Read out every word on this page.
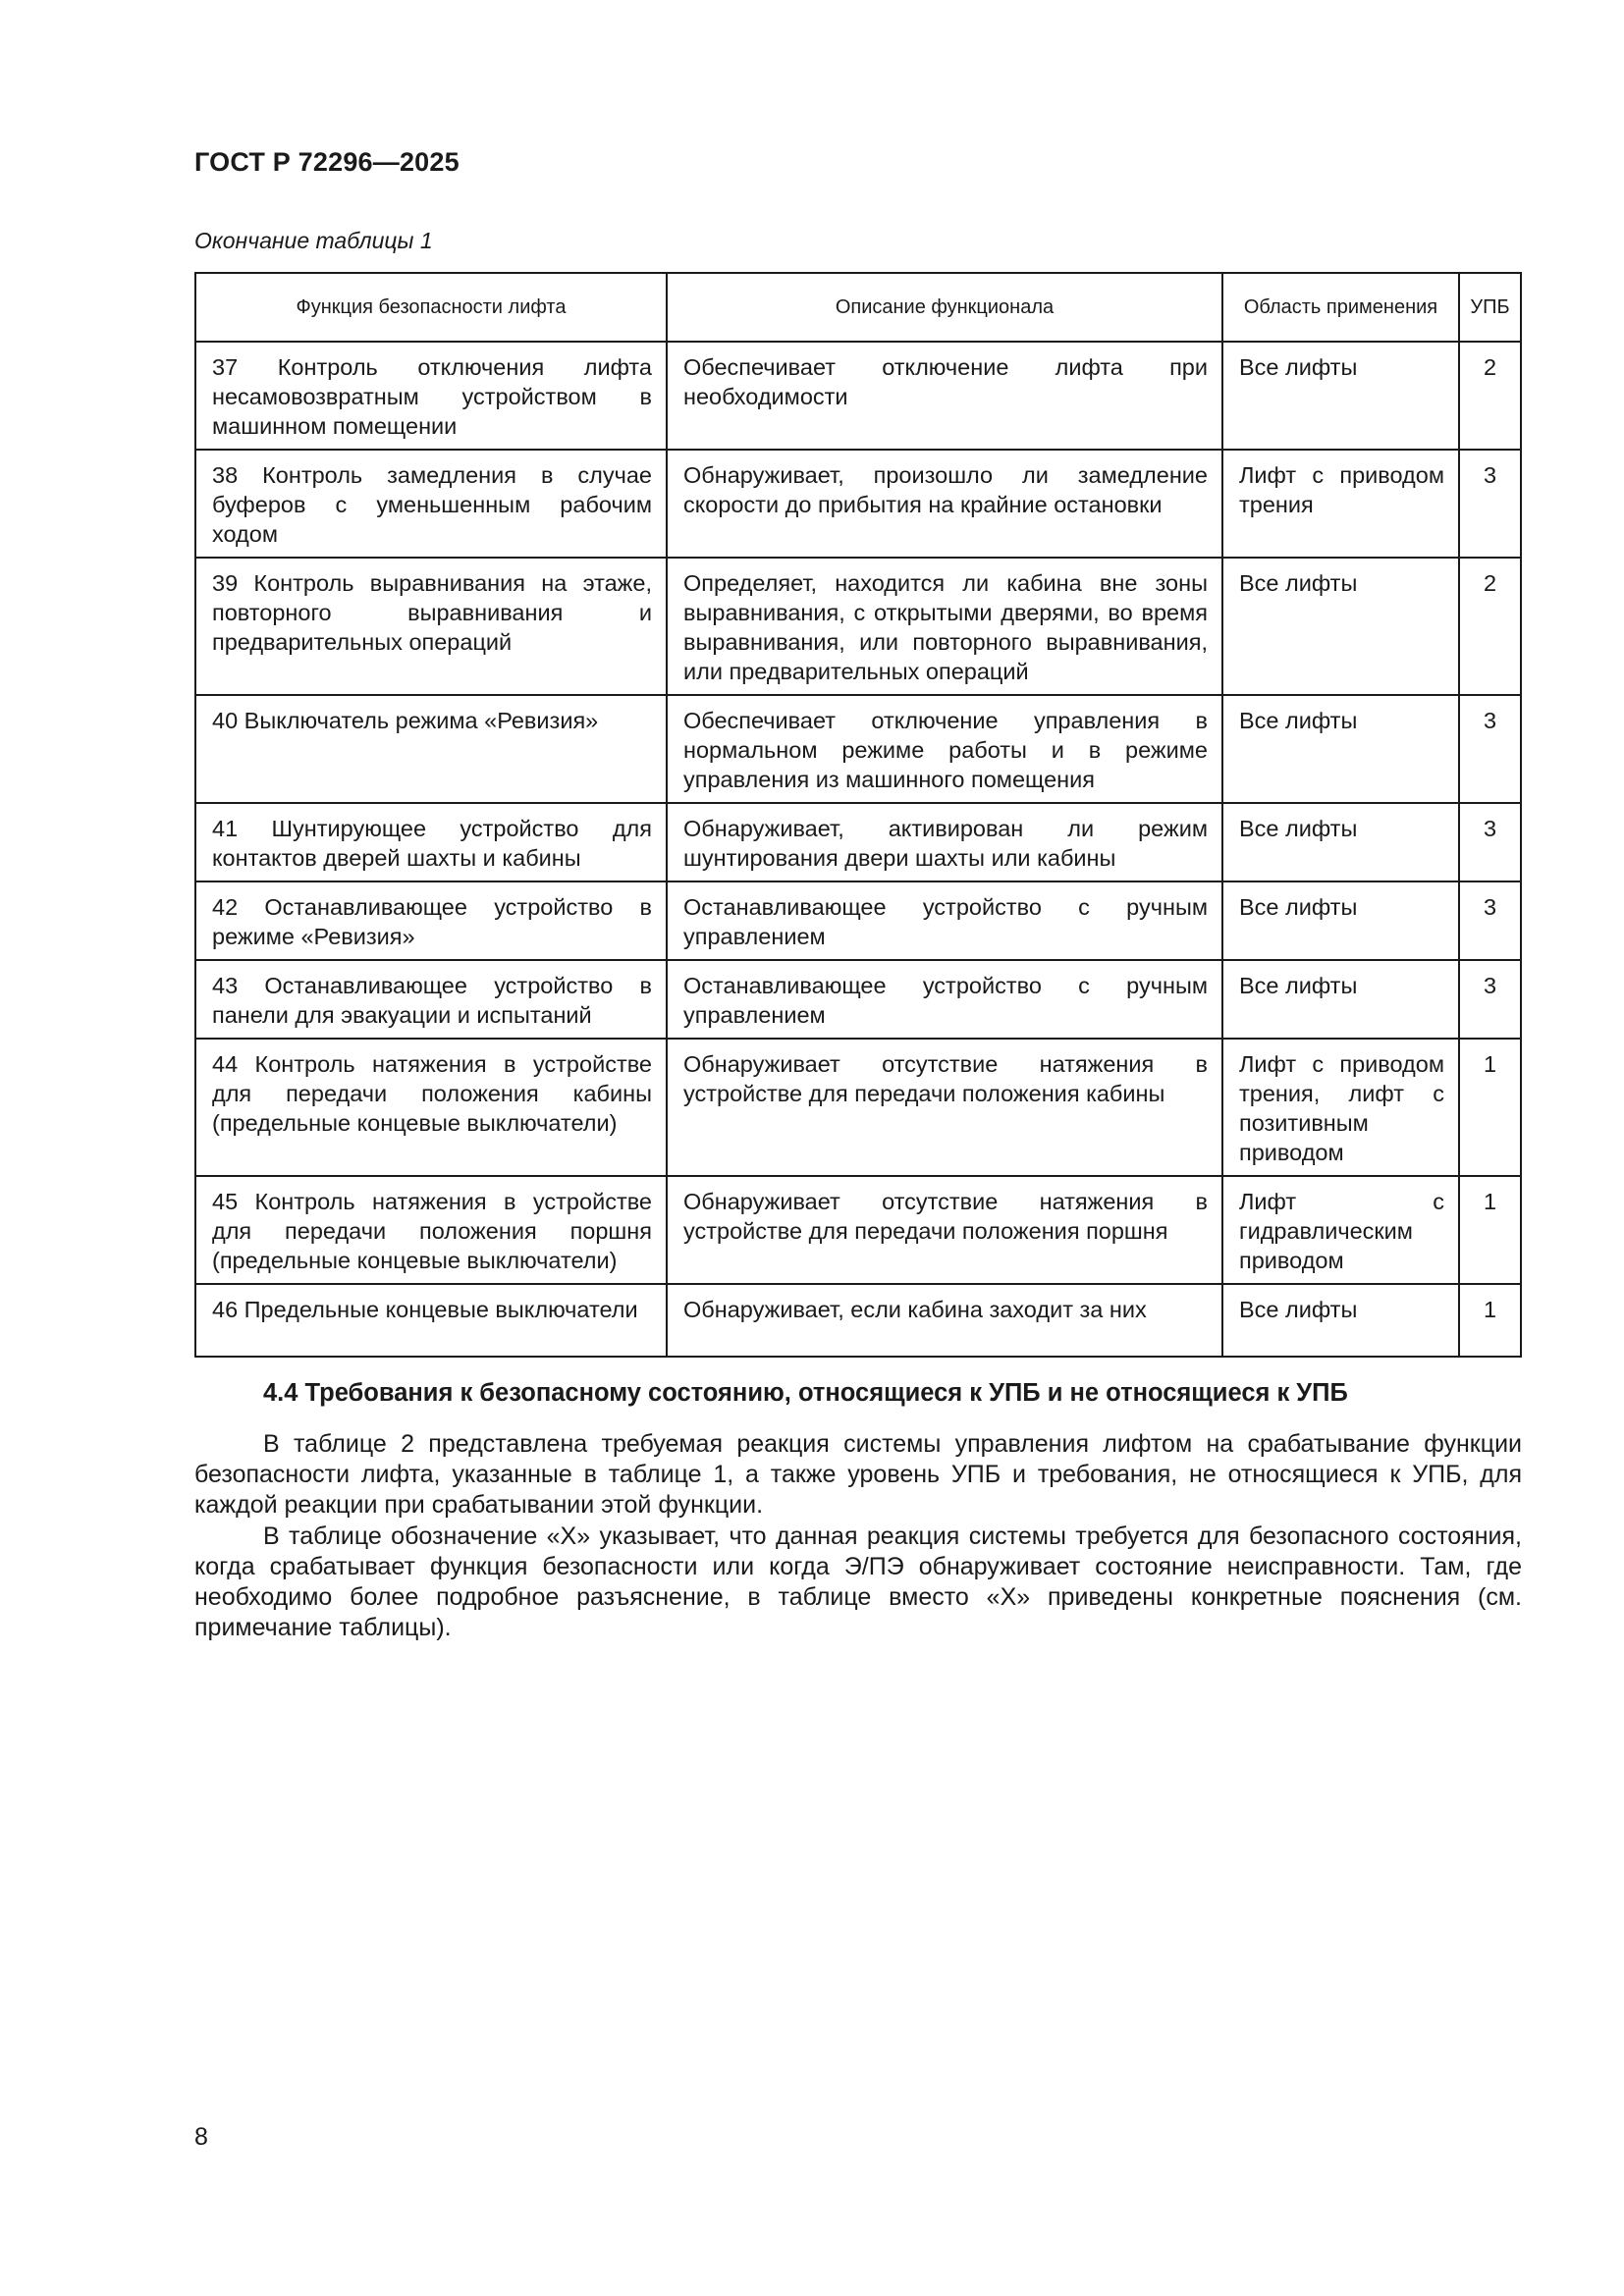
ГОСТ Р 72296—2025
Окончание таблицы 1
Функция безопасности лифта	Описание функционала	Область применения	УПБ
37 Контроль отключения лифта несамовозвратным устройством в машинном помещении	Обеспечивает отключение лифта при необходимости	Все лифты	2
38 Контроль замедления в случае буферов с уменьшенным рабочим ходом	Обнаруживает, произошло ли замедление скорости до прибытия на крайние остановки	Лифт с приводом трения	3
39 Контроль выравнивания на этаже, повторного выравнивания и предварительных операций	Определяет, находится ли кабина вне зоны выравнивания, с открытыми дверями, во время выравнивания, или повторного выравнивания, или предварительных операций	Все лифты	2
40 Выключатель режима «Ревизия»	Обеспечивает отключение управления в нормальном режиме работы и в режиме управления из машинного помещения	Все лифты	3
41 Шунтирующее устройство для контактов дверей шахты и кабины	Обнаруживает, активирован ли режим шунтирования двери шахты или кабины	Все лифты	3
42 Останавливающее устройство в режиме «Ревизия»	Останавливающее устройство с ручным управлением	Все лифты	3
43 Останавливающее устройство в панели для эвакуации и испытаний	Останавливающее устройство с ручным управлением	Все лифты	3
44 Контроль натяжения в устройстве для передачи положения кабины (предельные концевые выключатели)	Обнаруживает отсутствие натяжения в устройстве для передачи положения кабины	Лифт с приводом трения, лифт с позитивным приводом	1
45 Контроль натяжения в устройстве для передачи положения поршня (предельные концевые выключатели)	Обнаруживает отсутствие натяжения в устройстве для передачи положения поршня	Лифт с гидравлическим приводом	1
46 Предельные концевые выключатели	Обнаруживает, если кабина заходит за них	Все лифты	1
4.4 Требования к безопасному состоянию, относящиеся к УПБ и не относящиеся к УПБ

В таблице 2 представлена требуемая реакция системы управления лифтом на срабатывание функции безопасности лифта, указанные в таблице 1, а также уровень УПБ и требования, не относящиеся к УПБ, для каждой реакции при срабатывании этой функции.

В таблице обозначение «Х» указывает, что данная реакция системы требуется для безопасного состояния, когда срабатывает функция безопасности или когда Э/ПЭ обнаруживает состояние неисправности. Там, где необходимо более подробное разъяснение, в таблице вместо «Х» приведены конкретные пояснения (см. примечание таблицы).

8
